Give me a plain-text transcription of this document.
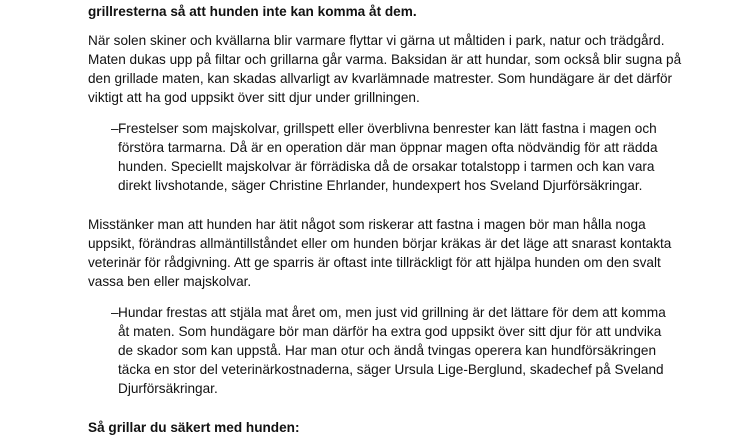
grillresterna så att hunden inte kan komma åt dem.
När solen skiner och kvällarna blir varmare flyttar vi gärna ut måltiden i park, natur och trädgård.
Maten dukas upp på filtar och grillarna går varma. Baksidan är att hundar, som också blir sugna på
den grillade maten, kan skadas allvarligt av kvarlämnade matrester. Som hundägare är det därför
viktigt att ha god uppsikt över sitt djur under grillningen.
– Frestelser som majskolvar, grillspett eller överblivna benrester kan lätt fastna i magen och
förstöra tarmarna. Då är en operation där man öppnar magen ofta nödvändig för att rädda
hunden. Speciellt majskolvar är förrädiska då de orsakar totalstopp i tarmen och kan vara
direkt livshotande, säger Christine Ehrlander, hundexpert hos Sveland Djurförsäkringar.
Misstänker man att hunden har ätit något som riskerar att fastna i magen bör man hålla noga
uppsikt, förändras allmäntillståndet eller om hunden börjar kräkas är det läge att snarast kontakta
veterinär för rådgivning. Att ge sparris är oftast inte tillräckligt för att hjälpa hunden om den svalt
vassa ben eller majskolvar.
– Hundar frestas att stjäla mat året om, men just vid grillning är det lättare för dem att komma
åt maten. Som hundägare bör man därför ha extra god uppsikt över sitt djur för att undvika
de skador som kan uppstå. Har man otur och ändå tvingas operera kan hundförsäkringen
täcka en stor del veterinärkostnaderna, säger Ursula Lige-Berglund, skadechef på Sveland
Djurförsäkringar.
Så grillar du säkert med hunden:
